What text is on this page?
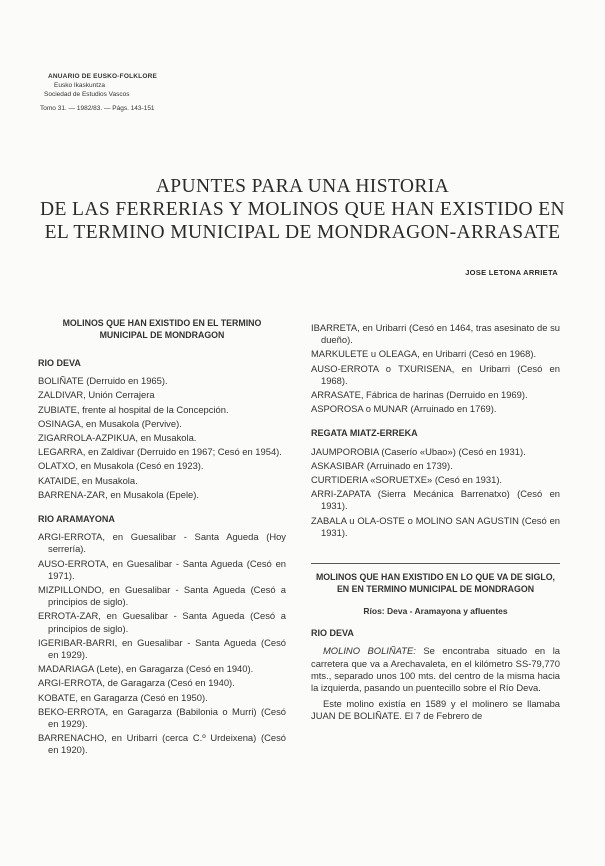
ANUARIO DE EUSKO-FOLKLORE
Eusko Ikaskuntza
Sociedad de Estudios Vascos
Tomo 31. — 1982/83. — Págs. 143-151
APUNTES PARA UNA HISTORIA
DE LAS FERRERIAS Y MOLINOS QUE HAN EXISTIDO EN
EL TERMINO MUNICIPAL DE MONDRAGON-ARRASATE
JOSE LETONA ARRIETA
MOLINOS QUE HAN EXISTIDO EN EL TERMINO MUNICIPAL DE MONDRAGON
RIO DEVA
BOLIÑATE (Derruido en 1965).
ZALDIVAR, Unión Cerrajera
ZUBIATE, frente al hospital de la Concepción.
OSINAGA, en Musakola (Pervive).
ZIGARROLA-AZPIKUA, en Musakola.
LEGARRA, en Zaldivar (Derruido en 1967; Cesó en 1954).
OLATXO, en Musakola (Cesó en 1923).
KATAIDE, en Musakola.
BARRENA-ZAR, en Musakola (Epele).
RIO ARAMAYONA
ARGI-ERROTA, en Guesalibar - Santa Agueda (Hoy serrería).
AUSO-ERROTA, en Guesalibar - Santa Agueda (Cesó en 1971).
MIZPILLONDO, en Guesalibar - Santa Agueda (Cesó a principios de siglo).
ERROTA-ZAR, en Guesalibar - Santa Agueda (Cesó a principios de siglo).
IGERIBAR-BARRI, en Guesalibar - Santa Agueda (Cesó en 1929).
MADARIAGA (Lete), en Garagarza (Cesó en 1940).
ARGI-ERROTA, de Garagarza (Cesó en 1940).
KOBATE, en Garagarza (Cesó en 1950).
BEKO-ERROTA, en Garagarza (Babilonia o Murri) (Cesó en 1929).
BARRENACHO, en Uribarri (cerca C.º Urdeixena) (Cesó en 1920).
IBARRETA, en Uribarri (Cesó en 1464, tras asesinato de su dueño).
MARKULETE u OLEAGA, en Uribarri (Cesó en 1968).
AUSO-ERROTA o TXURISENA, en Uribarri (Cesó en 1968).
ARRASATE, Fábrica de harinas (Derruido en 1969).
ASPOROSA o MUNAR (Arruinado en 1769).
REGATA MIATZ-ERREKA
JAUMPOROBIA (Caserío «Ubao») (Cesó en 1931).
ASKASIBAR (Arruinado en 1739).
CURTIDERIA «SORUETXE» (Cesó en 1931).
ARRI-ZAPATA (Sierra Mecánica Barrenatxo) (Cesó en 1931).
ZABALA u OLA-OSTE o MOLINO SAN AGUSTIN (Cesó en 1931).
MOLINOS QUE HAN EXISTIDO EN LO QUE VA DE SIGLO, EN EN TERMINO MUNICIPAL DE MONDRAGON
Ríos: Deva - Aramayona y afluentes
RIO DEVA
MOLINO BOLIÑATE: Se encontraba situado en la carretera que va a Arechavaleta, en el kilómetro SS-79,770 mts., separado unos 100 mts. del centro de la misma hacia la izquierda, pasando un puentecillo sobre el Río Deva.
Este molino existía en 1589 y el molinero se llamaba JUAN DE BOLIÑATE. El 7 de Febrero de
